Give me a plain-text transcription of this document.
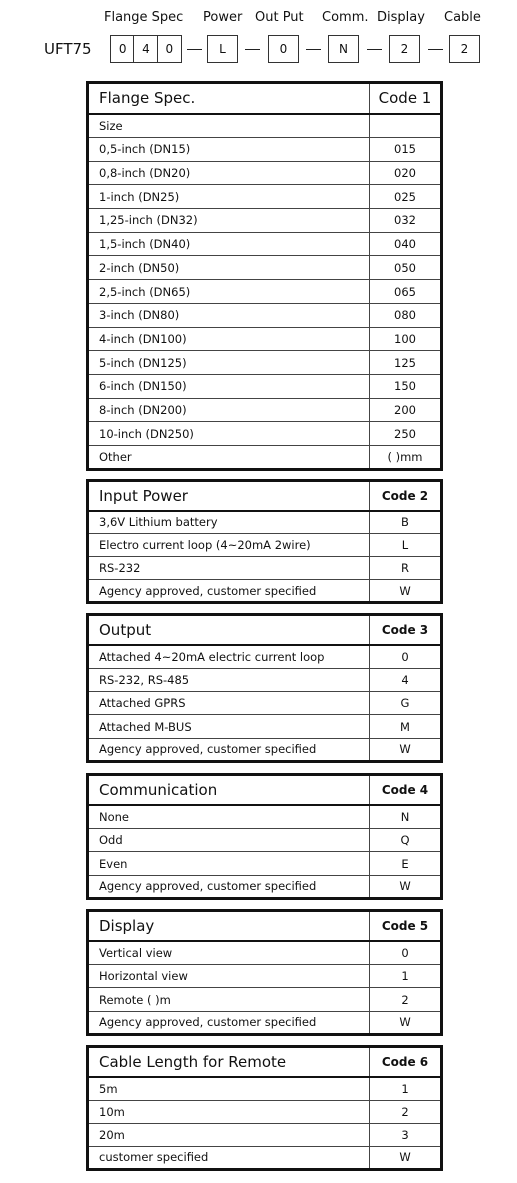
Flange Spec Power Out Put Comm. Display Cable
UFT75 0 4 0	L	0	N	2	2
Flange Spec.	Code 1
Size	
0,5-inch (DN15)	015
0,8-inch (DN20)	020
1-inch (DN25)	025
1,25-inch (DN32)	032
1,5-inch (DN40)	040
2-inch (DN50)	050
2,5-inch (DN65)	065
3-inch (DN80)	080
4-inch (DN100)	100
5-inch (DN125)	125
6-inch (DN150)	150
8-inch (DN200)	200
10-inch (DN250)	250
Other	( )mm
Input Power	Code 2
3,6V Lithium battery	B
Electro current loop (4~20mA 2wire)	L
RS-232	R
Agency approved, customer specified	W
Output	Code 3
Attached 4~20mA electric current loop	0
RS-232, RS-485	4
Attached GPRS	G
Attached M-BUS	M
Agency approved, customer specified	W
Communication	Code 4
None	N
Odd	Q
Even	E
Agency approved, customer specified	W
Display	Code 5
Vertical view	0
Horizontal view	1
Remote ( )m	2
Agency approved, customer specified	W
Cable Length for Remote	Code 6
5m	1
10m	2
20m	3
customer specified	W
